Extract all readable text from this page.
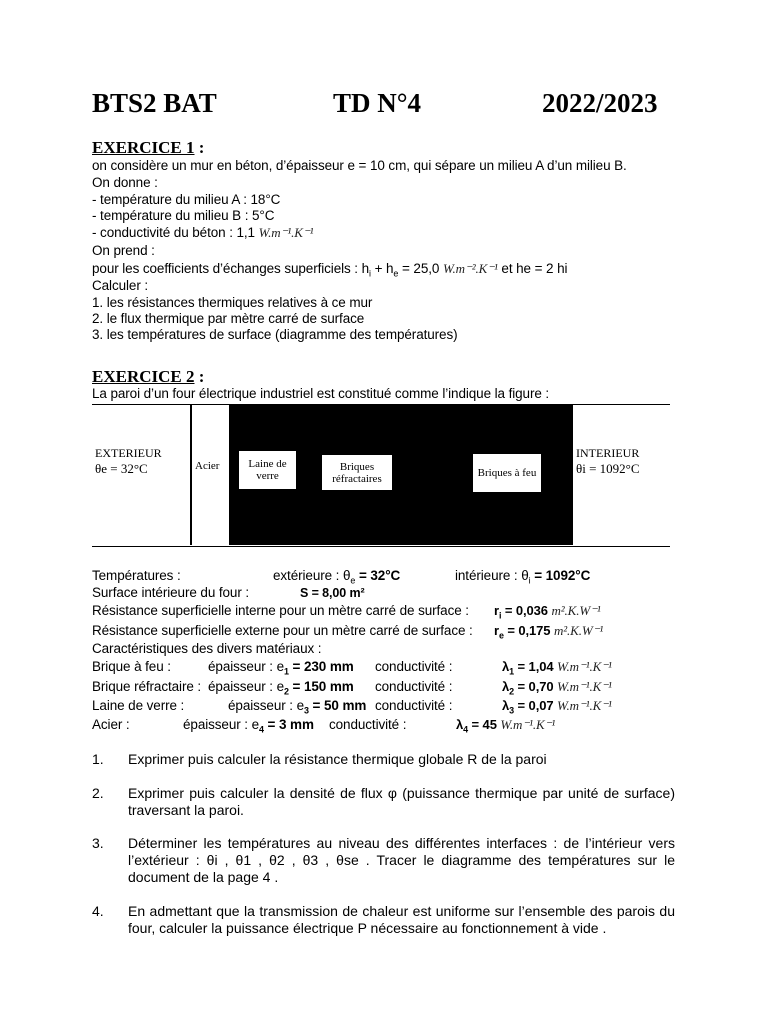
BTS2 BAT	TD N°4	2022/2023
EXERCICE 1 :
on considère un mur en béton, d’épaisseur e = 10 cm, qui sépare un milieu A d’un milieu B.
On donne :
- température du milieu A : 18°C
- température du milieu B : 5°C
- conductivité du béton : 1,1 W.m⁻¹.K⁻¹
On prend :
pour les coefficients d’échanges superficiels : $h_i + h_e = 25,0$ W.m⁻².K⁻¹ et he = 2 hi
Calculer :
1. les résistances thermiques relatives à ce mur
2. le flux thermique par mètre carré de surface
3. les températures de surface (diagramme des températures)
EXERCICE 2 :
La paroi d’un four électrique industriel est constitué comme l’indique la figure :
EXTERIEUR
θe = 32°C	Acier	Laine de verre
Briques réfractaires	Briques à feu
INTERIEUR
θi = 1092°C
Températures :	extérieure : $\theta_e = 32^\circ C$	intérieure : $\theta_i = 1092^\circ C$
Surface intérieure du four :	S = 8,00 m²
Résistance superficielle interne pour un mètre carré de surface : $r_i = 0,036$ m².K.W⁻¹
Résistance superficielle externe pour un mètre carré de surface : $r_e = 0,175$ m².K.W⁻¹
Caractéristiques des divers matériaux :
Brique à feu :	épaisseur : $e_1 = 230$ mm conductivité :	$\lambda_1 = 1,04$ W.m⁻¹.K⁻¹
Brique réfractaire : épaisseur : $e_2 = 150$ mm conductivité :	$\lambda_2 = 0,70$ W.m⁻¹.K⁻¹
Laine de verre :	épaisseur : $e_3 = 50$ mm conductivité :	$\lambda_3 = 0,07$ W.m⁻¹.K⁻¹
Acier :	épaisseur : $e_4 = 3$ mm conductivité :	$\lambda_4 = 45$ W.m⁻¹.K⁻¹
1. Exprimer puis calculer la résistance thermique globale R de la paroi
2. Exprimer puis calculer la densité de flux φ (puissance thermique par unité de surface) traversant la paroi.
3. Déterminer les températures au niveau des différentes interfaces : de l’intérieur vers l’extérieur : θi , θ1 , θ2 , θ3 , θse . Tracer le diagramme des températures sur le document de la page 4 .
4. En admettant que la transmission de chaleur est uniforme sur l’ensemble des parois du four, calculer la puissance électrique P nécessaire au fonctionnement à vide .
